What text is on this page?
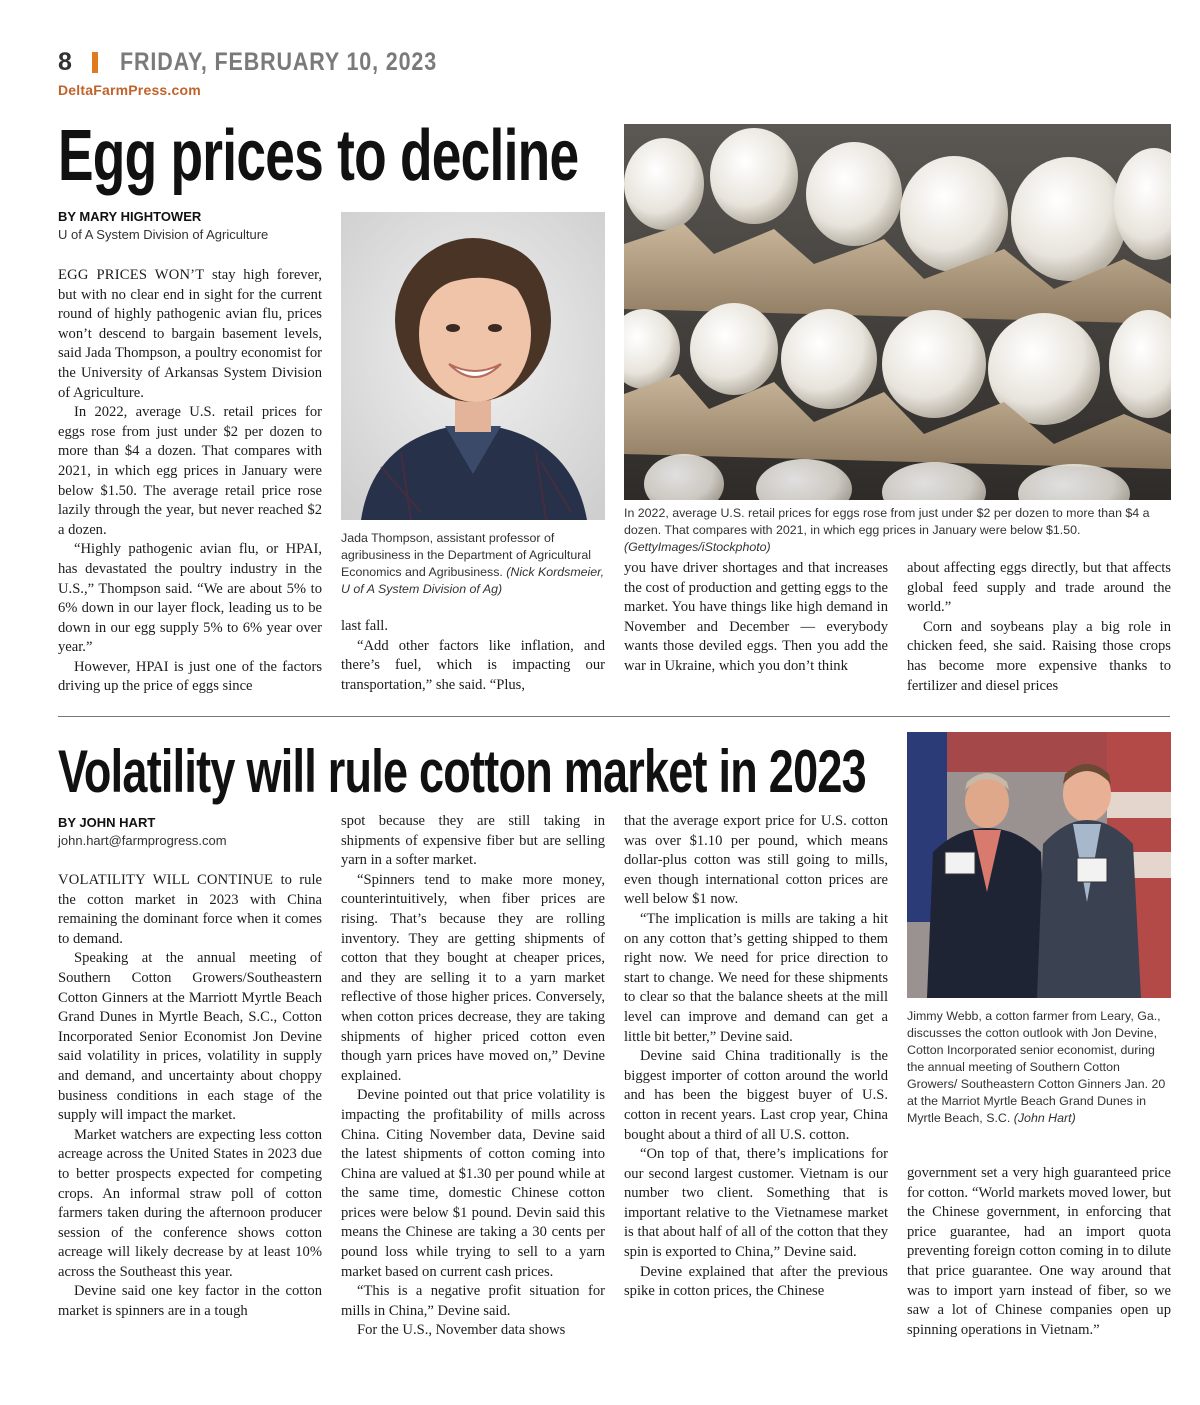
8 FRIDAY, FEBRUARY 10, 2023
DeltaFarmPress.com
Egg prices to decline
BY MARY HIGHTOWER
U of A System Division of Agriculture

EGG PRICES WON’T stay high forever, but with no clear end in sight for the current round of highly pathogenic avian flu, prices won’t descend to bargain basement levels, said Jada Thompson, a poultry economist for the University of Arkansas System Division of Agriculture.

In 2022, average U.S. retail prices for eggs rose from just under $2 per dozen to more than $4 a dozen. That compares with 2021, in which egg prices in January were below $1.50. The average retail price rose lazily through the year, but never reached $2 a dozen.

“Highly pathogenic avian flu, or HPAI, has devastated the poultry industry in the U.S.,” Thompson said. “We are about 5% to 6% down in our layer flock, leading us to be down in our egg supply 5% to 6% year over year.”

However, HPAI is just one of the factors driving up the price of eggs since

Jada Thompson, assistant professor of agribusiness in the Department of Agricultural Economics and Agribusiness. (Nick Kordsmeier, U of A System Division of Ag)

last fall.

“Add other factors like inflation, and there’s fuel, which is impacting our transportation,” she said. “Plus,

In 2022, average U.S. retail prices for eggs rose from just under $2 per dozen to more than $4 a dozen. That compares with 2021, in which egg prices in January were below $1.50. (GettyImages/iStockphoto)

you have driver shortages and that increases the cost of production and getting eggs to the market. You have things like high demand in November and December — everybody wants those deviled eggs. Then you add the war in Ukraine, which you don’t think

about affecting eggs directly, but that affects global feed supply and trade around the world.”

Corn and soybeans play a big role in chicken feed, she said. Raising those crops has become more expensive thanks to fertilizer and diesel prices

Volatility will rule cotton market in 2023
BY JOHN HART
john.hart@farmprogress.com

VOLATILITY WILL CONTINUE to rule the cotton market in 2023 with China remaining the dominant force when it comes to demand.

Speaking at the annual meeting of Southern Cotton Growers/Southeastern Cotton Ginners at the Marriott Myrtle Beach Grand Dunes in Myrtle Beach, S.C., Cotton Incorporated Senior Economist Jon Devine said volatility in prices, volatility in supply and demand, and uncertainty about choppy business conditions in each stage of the supply will impact the market.

Market watchers are expecting less cotton acreage across the United States in 2023 due to better prospects expected for competing crops. An informal straw poll of cotton farmers taken during the afternoon producer session of the conference shows cotton acreage will likely decrease by at least 10% across the Southeast this year.

Devine said one key factor in the cotton market is spinners are in a tough

spot because they are still taking in shipments of expensive fiber but are selling yarn in a softer market.

“Spinners tend to make more money, counterintuitively, when fiber prices are rising. That’s because they are rolling inventory. They are getting shipments of cotton that they bought at cheaper prices, and they are selling it to a yarn market reflective of those higher prices. Conversely, when cotton prices decrease, they are taking shipments of higher priced cotton even though yarn prices have moved on,” Devine explained.

Devine pointed out that price volatility is impacting the profitability of mills across China. Citing November data, Devine said the latest shipments of cotton coming into China are valued at $1.30 per pound while at the same time, domestic Chinese cotton prices were below $1 pound. Devin said this means the Chinese are taking a 30 cents per pound loss while trying to sell to a yarn market based on current cash prices.

“This is a negative profit situation for mills in China,” Devine said.

For the U.S., November data shows

that the average export price for U.S. cotton was over $1.10 per pound, which means dollar-plus cotton was still going to mills, even though international cotton prices are well below $1 now.

“The implication is mills are taking a hit on any cotton that’s getting shipped to them right now. We need for price direction to start to change. We need for these shipments to clear so that the balance sheets at the mill level can improve and demand can get a little bit better,” Devine said.

Devine said China traditionally is the biggest importer of cotton around the world and has been the biggest buyer of U.S. cotton in recent years. Last crop year, China bought about a third of all U.S. cotton.

“On top of that, there’s implications for our second largest customer. Vietnam is our number two client. Something that is important relative to the Vietnamese market is that about half of all of the cotton that they spin is exported to China,” Devine said.

Devine explained that after the previous spike in cotton prices, the Chinese

Jimmy Webb, a cotton farmer from Leary, Ga., discusses the cotton outlook with Jon Devine, Cotton Incorporated senior economist, during the annual meeting of Southern Cotton Growers/ Southeastern Cotton Ginners Jan. 20 at the Marriot Myrtle Beach Grand Dunes in Myrtle Beach, S.C. (John Hart)

government set a very high guaranteed price for cotton. “World markets moved lower, but the Chinese government, in enforcing that price guarantee, had an import quota preventing foreign cotton coming in to dilute that price guarantee. One way around that was to import yarn instead of fiber, so we saw a lot of Chinese companies open up spinning operations in Vietnam.”
